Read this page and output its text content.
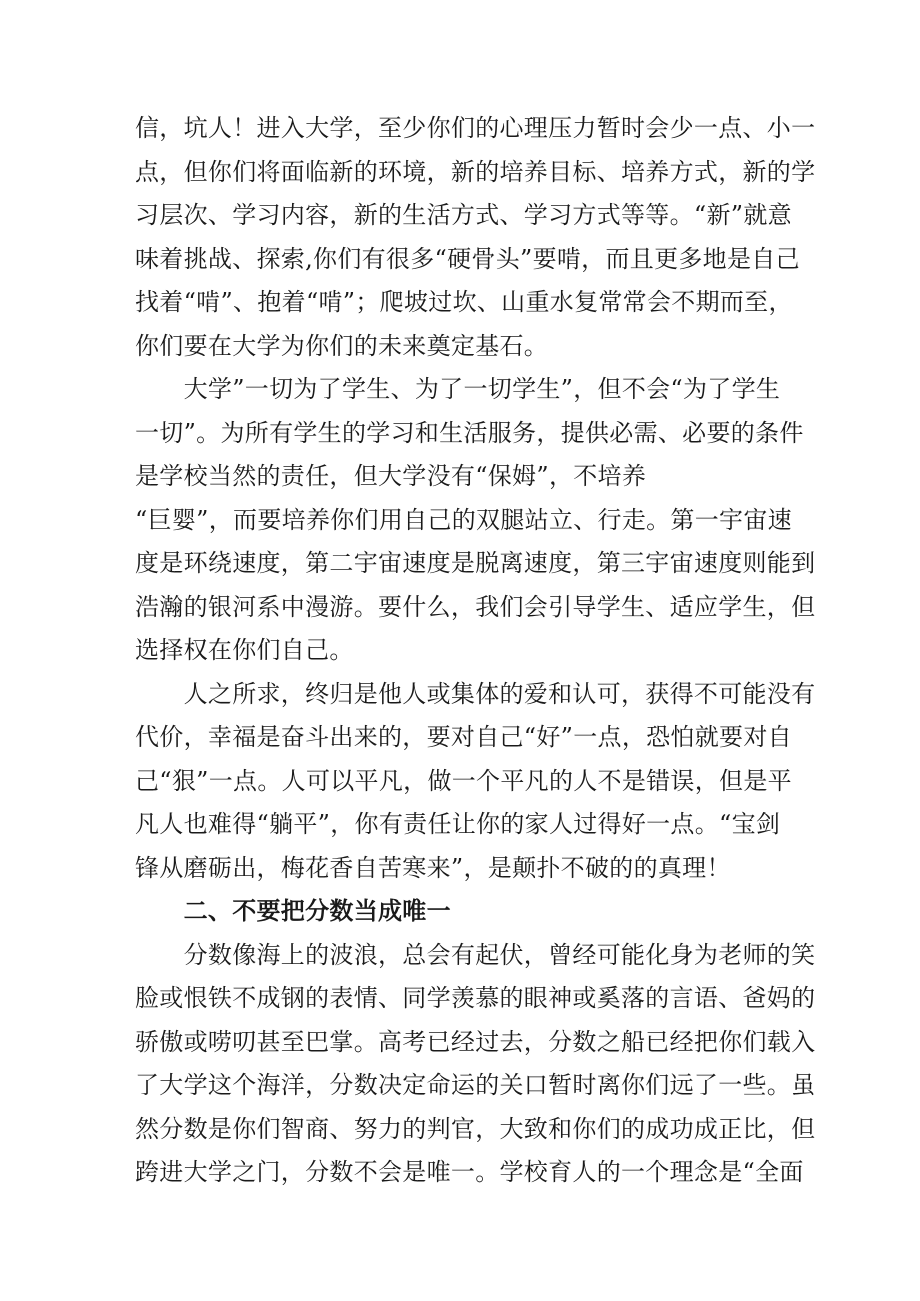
信，坑人！进入大学，至少你们的心理压力暂时会少一点、小一
点，但你们将面临新的环境，新的培养目标、培养方式，新的学
习层次、学习内容，新的生活方式、学习方式等等。“新”就意
味着挑战、探索,你们有很多“硬骨头”要啃，而且更多地是自己
找着“啃”、抱着“啃”；爬坡过坎、山重水复常常会不期而至，
你们要在大学为你们的未来奠定基石。
　　大学”一切为了学生、为了一切学生”，但不会“为了学生
一切”。为所有学生的学习和生活服务，提供必需、必要的条件
是学校当然的责任，但大学没有“保姆”，不培养
“巨婴”，而要培养你们用自己的双腿站立、行走。第一宇宙速
度是环绕速度，第二宇宙速度是脱离速度，第三宇宙速度则能到
浩瀚的银河系中漫游。要什么，我们会引导学生、适应学生，但
选择权在你们自己。
　　人之所求，终归是他人或集体的爱和认可，获得不可能没有
代价，幸福是奋斗出来的，要对自己“好”一点，恐怕就要对自
己“狠”一点。人可以平凡，做一个平凡的人不是错误，但是平
凡人也难得“躺平”，你有责任让你的家人过得好一点。“宝剑
锋从磨砺出，梅花香自苦寒来”，是颠扑不破的的真理！
　　二、不要把分数当成唯一
　　分数像海上的波浪，总会有起伏，曾经可能化身为老师的笑
脸或恨铁不成钢的表情、同学羡慕的眼神或奚落的言语、爸妈的
骄傲或唠叨甚至巴掌。高考已经过去，分数之船已经把你们载入
了大学这个海洋，分数决定命运的关口暂时离你们远了一些。虽
然分数是你们智商、努力的判官，大致和你们的成功成正比，但
跨进大学之门，分数不会是唯一。学校育人的一个理念是“全面
